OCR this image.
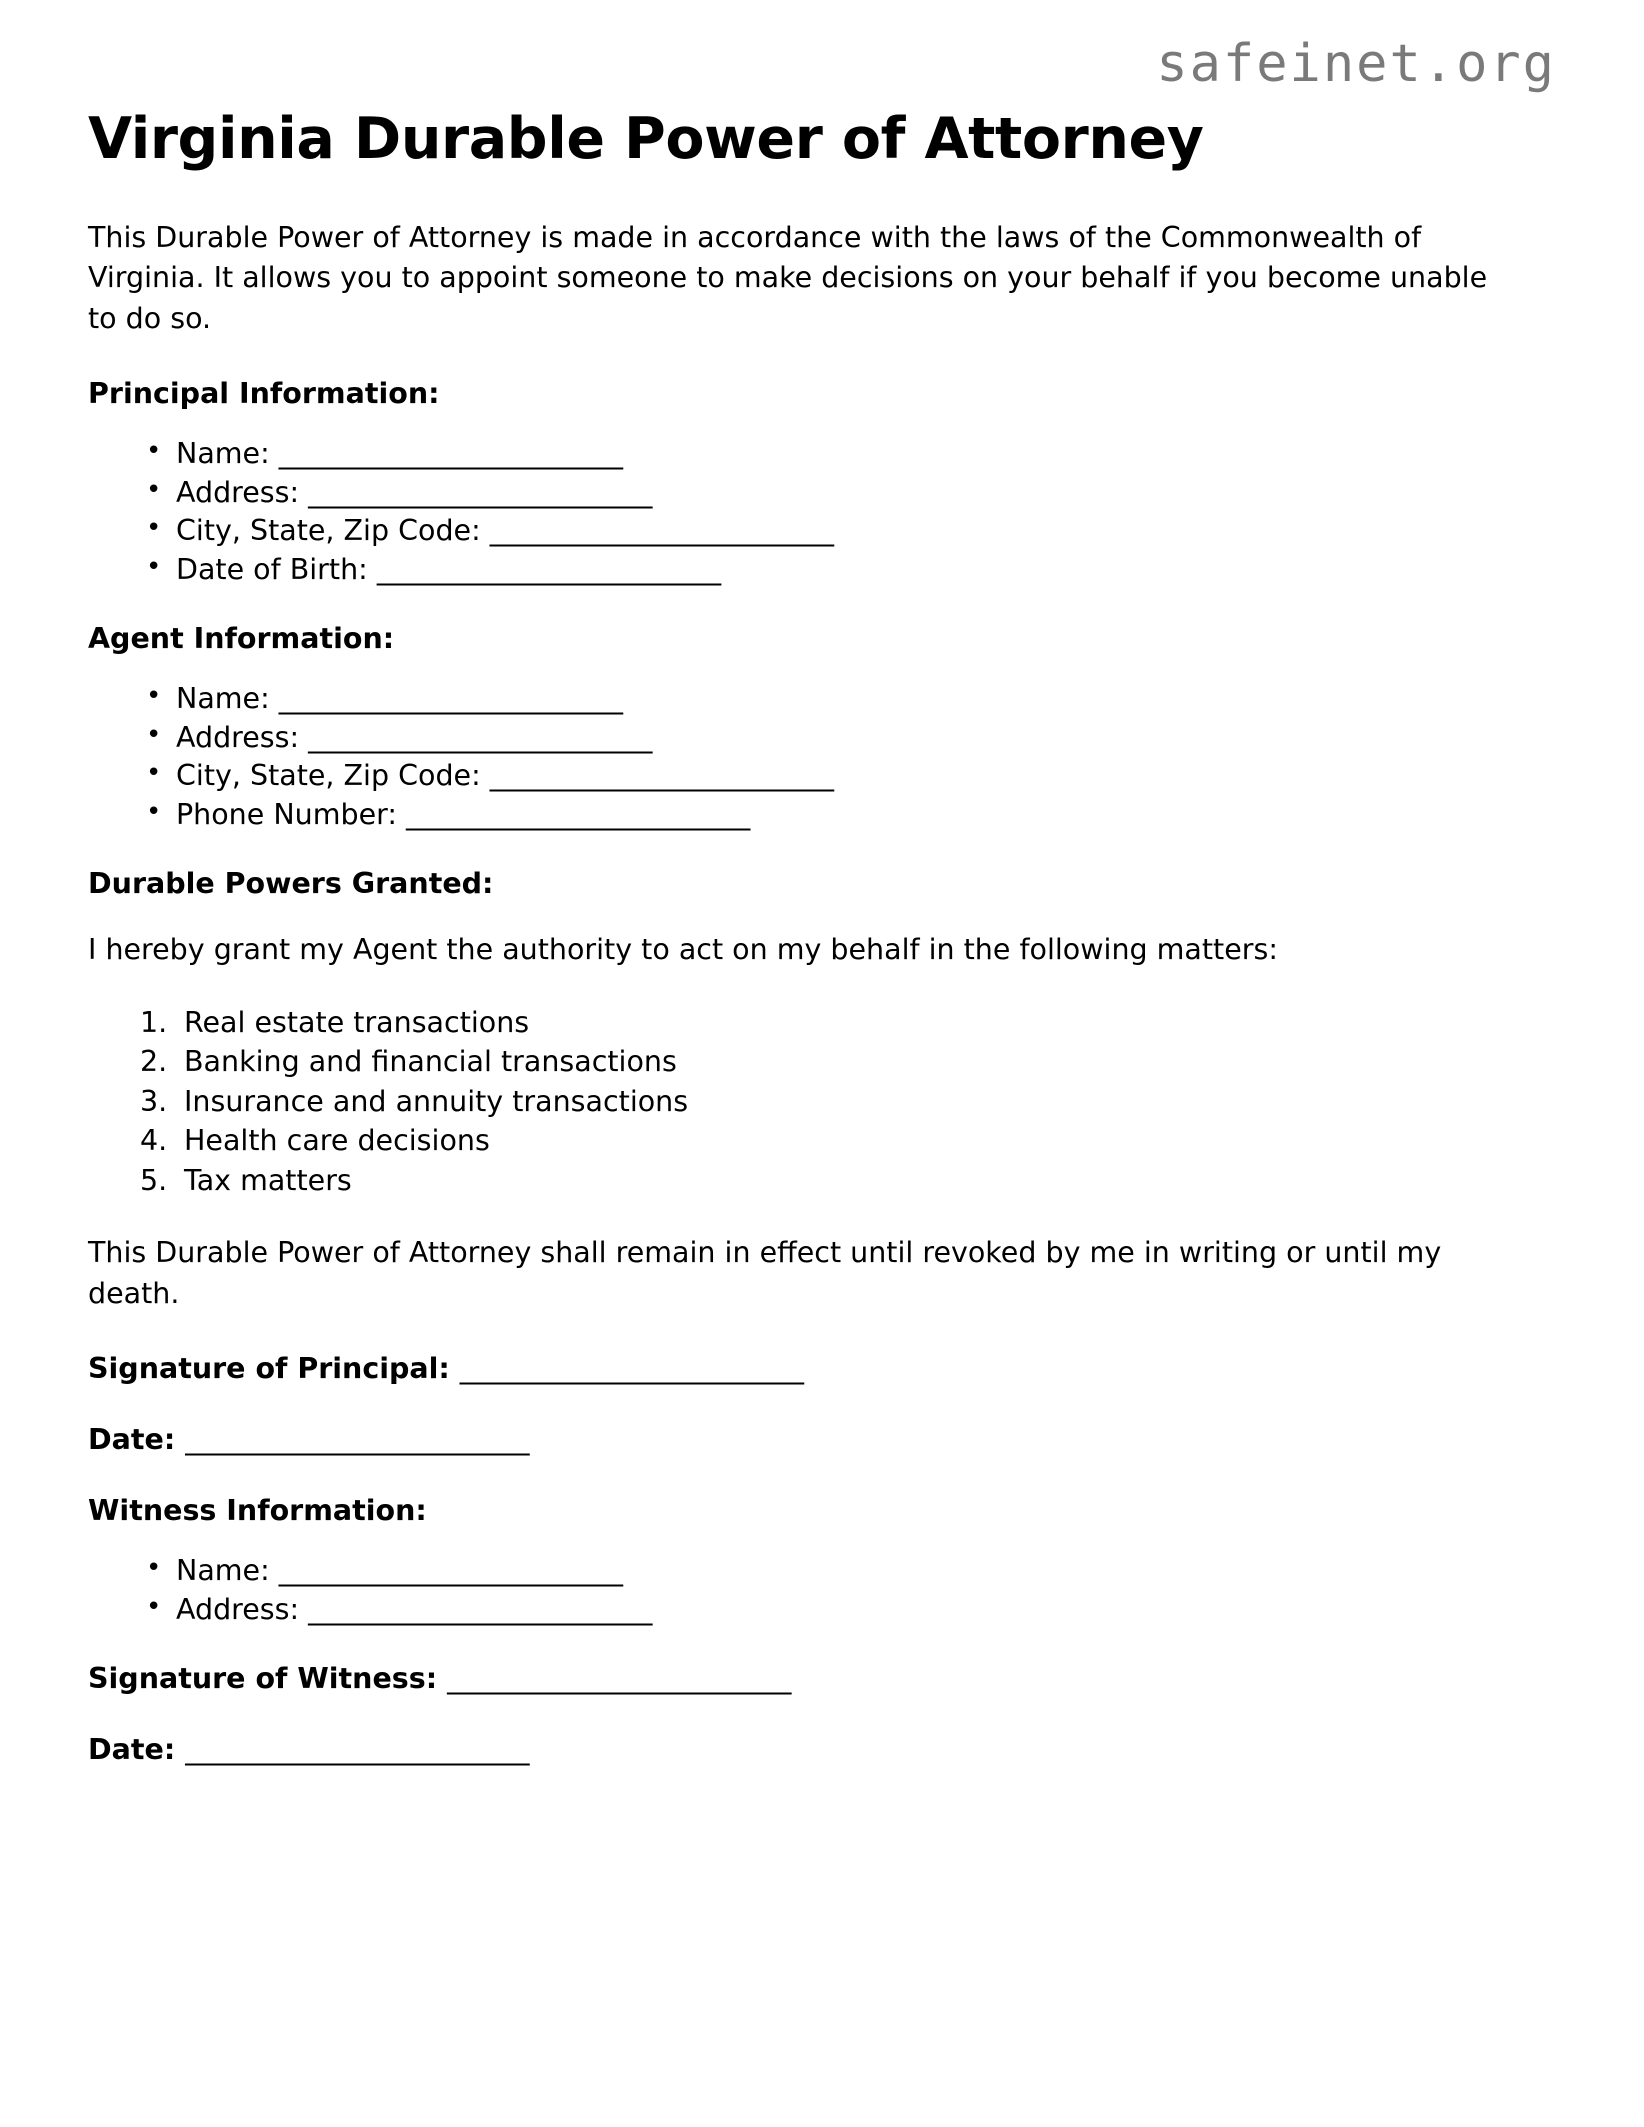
safeinet.org
Virginia Durable Power of Attorney

This Durable Power of Attorney is made in accordance with the laws of the Commonwealth of Virginia. It allows you to appoint someone to make decisions on your behalf if you become unable to do so.

Principal Information:
• Name: _________________________
• Address: _________________________
• City, State, Zip Code: _________________________
• Date of Birth: _________________________
Agent Information:
• Name: _________________________
• Address: _________________________
• City, State, Zip Code: _________________________
• Phone Number: _________________________
Durable Powers Granted:

I hereby grant my Agent the authority to act on my behalf in the following matters:

Real estate transactions
Banking and financial transactions
Insurance and annuity transactions
Health care decisions
Tax matters

This Durable Power of Attorney shall remain in effect until revoked by me in writing or until my death.

Signature of Principal: _________________________
Date: _________________________
Witness Information:
• Name: _________________________
• Address: _________________________
Signature of Witness: _________________________
Date: _________________________
